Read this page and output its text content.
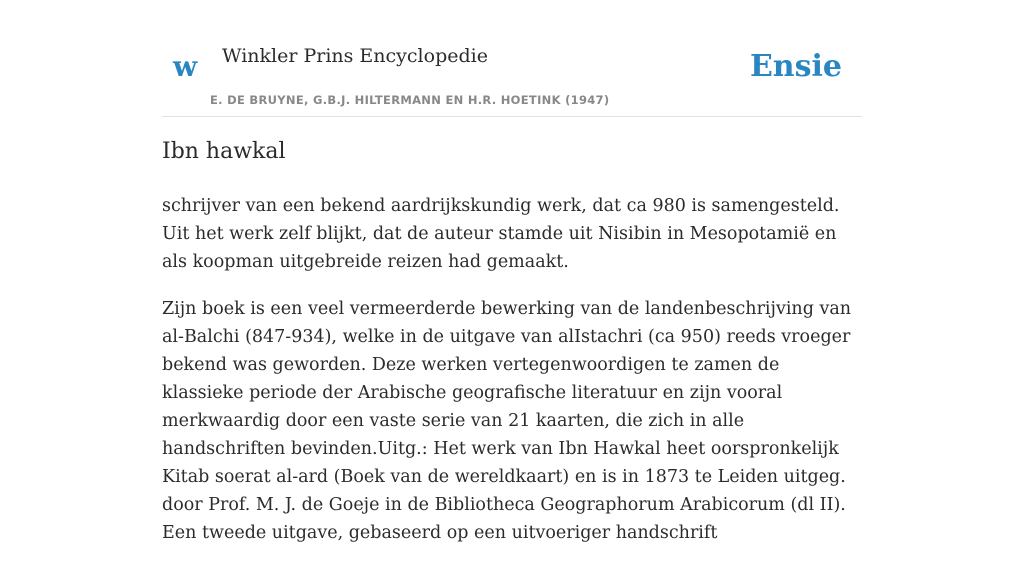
w Winkler Prins Encyclopedie
E. DE BRUYNE, G.B.J. HILTERMANN EN H.R. HOETINK (1947)
Ensie
Ibn hawkal

schrijver van een bekend aardrijkskundig werk, dat ca 980 is samengesteld. Uit het werk zelf blijkt, dat de auteur stamde uit Nisibin in Mesopotamië en als koopman uitgebreide reizen had gemaakt.

Zijn boek is een veel vermeerderde bewerking van de landenbeschrijving van al-Balchi (847-934), welke in de uitgave van alIstachri (ca 950) reeds vroeger bekend was geworden. Deze werken vertegenwoordigen te zamen de klassieke periode der Arabische geografische literatuur en zijn vooral merkwaardig door een vaste serie van 21 kaarten, die zich in alle handschriften bevinden.Uitg.: Het werk van Ibn Hawkal heet oorspronkelijk Kitab soerat al-ard (Boek van de wereldkaart) en is in 1873 te Leiden uitgeg. door Prof. M. J. de Goeje in de Bibliotheca Geographorum Arabicorum (dl II). Een tweede uitgave, gebaseerd op een uitvoeriger handschrift
